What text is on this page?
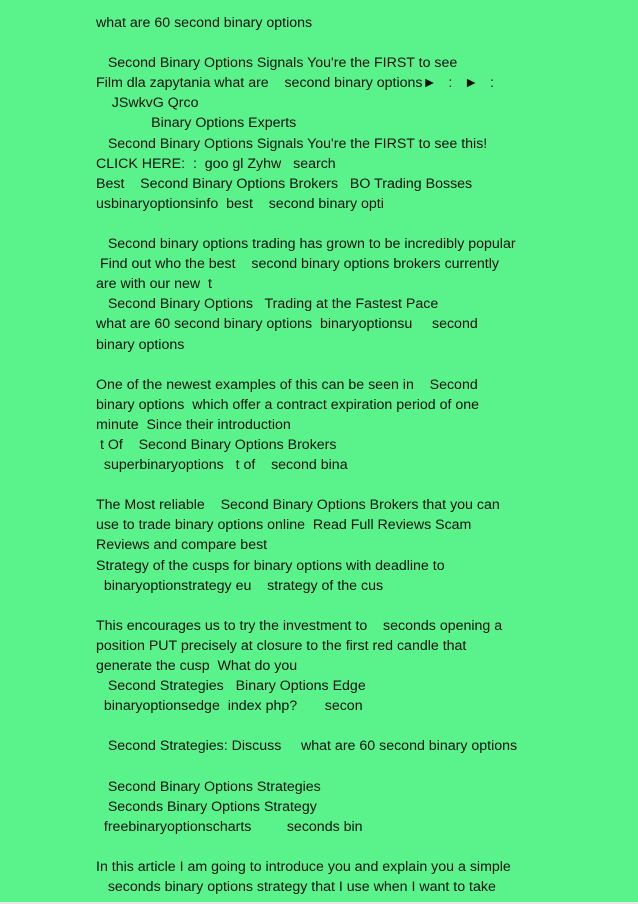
what are 60 second binary options
Second Binary Options Signals You're the FIRST to see
Film dla zapytania what are    second binary options►   :   ►   :
JSwkvG Qrco
Binary Options Experts
Second Binary Options Signals You're the FIRST to see this!
CLICK HERE:  :  goo gl Zyhw   search
Best    Second Binary Options Brokers   BO Trading Bosses
usbinaryoptionsinfo  best    second binary opti
Second binary options trading has grown to be incredibly popular
Find out who the best    second binary options brokers currently
are with our new  t
Second Binary Options   Trading at the Fastest Pace
what are 60 second binary options  binaryoptionsu     second
binary options
One of the newest examples of this can be seen in    Second
binary options  which offer a contract expiration period of one
minute  Since their introduction
t Of    Second Binary Options Brokers
superbinaryoptions   t of    second bina
The Most reliable    Second Binary Options Brokers that you can
use to trade binary options online  Read Full Reviews Scam
Reviews and compare best
Strategy of the cusps for binary options with deadline to
binaryoptionstrategy eu    strategy of the cus
This encourages us to try the investment to    seconds opening a
position PUT precisely at closure to the first red candle that
generate the cusp  What do you
Second Strategies   Binary Options Edge
binaryoptionsedge  index php?       secon
Second Strategies: Discuss     what are 60 second binary options
Second Binary Options Strategies
Seconds Binary Options Strategy
freebinaryoptionscharts         seconds bin
In this article I am going to introduce you and explain you a simple
seconds binary options strategy that I use when I want to take
